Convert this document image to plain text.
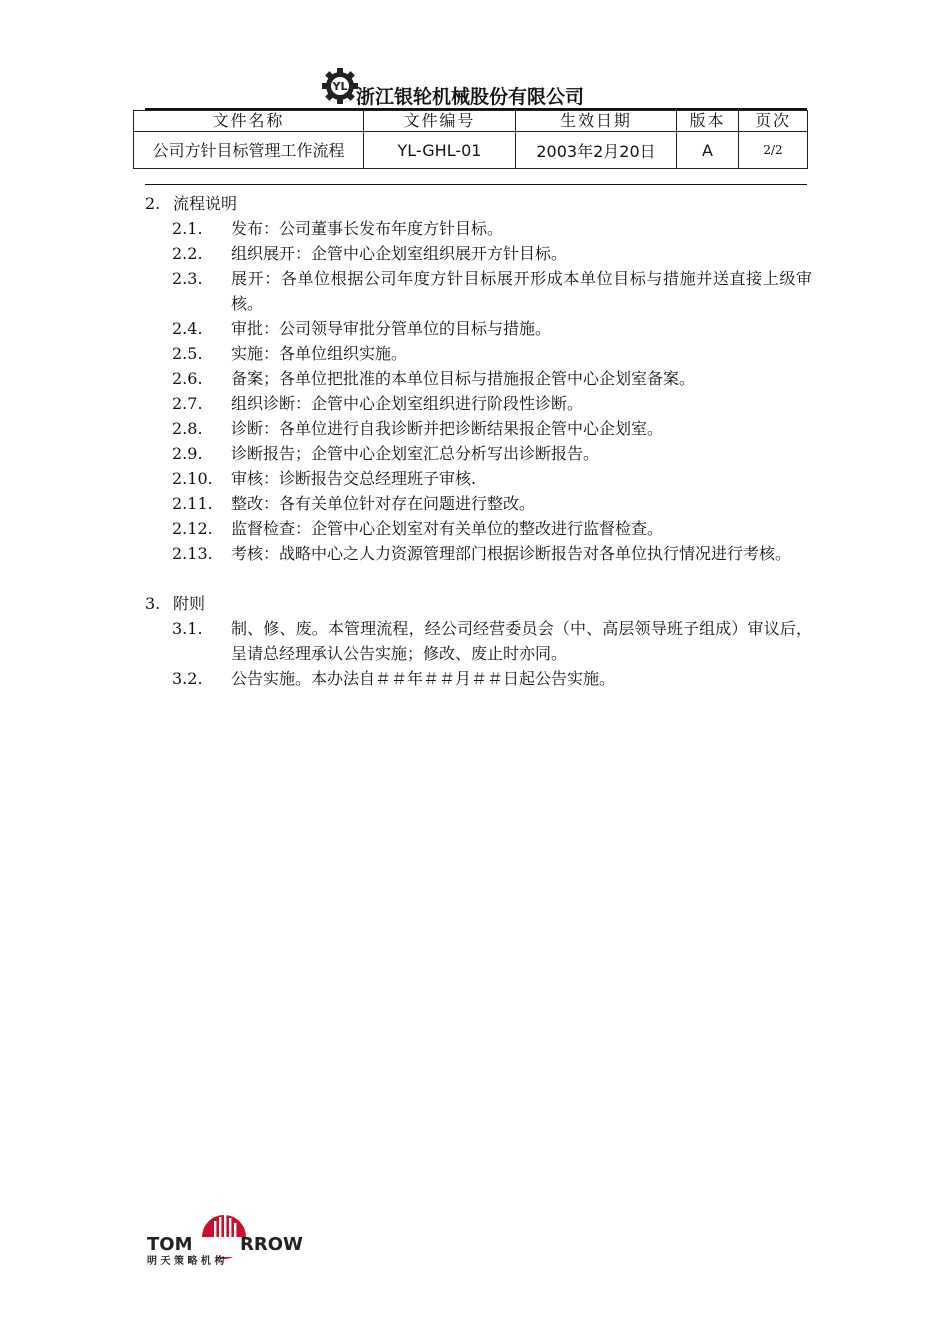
YL 浙江银轮机械股份有限公司
文件名称	文件编号	生效日期	版本	页次
公司方针目标管理工作流程	YL-GHL-01	2003年2月20日	A	2/2
2. 流程说明
2.1. 发布：公司董事长发布年度方针目标。
2.2. 组织展开：企管中心企划室组织展开方针目标。
2.3. 展开：各单位根据公司年度方针目标展开形成本单位目标与措施并送直接上级审核。
2.4. 审批：公司领导审批分管单位的目标与措施。
2.5. 实施：各单位组织实施。
2.6. 备案；各单位把批准的本单位目标与措施报企管中心企划室备案。
2.7. 组织诊断：企管中心企划室组织进行阶段性诊断。
2.8. 诊断：各单位进行自我诊断并把诊断结果报企管中心企划室。
2.9. 诊断报告；企管中心企划室汇总分析写出诊断报告。
2.10. 审核：诊断报告交总经理班子审核.
2.11. 整改：各有关单位针对存在问题进行整改。
2.12. 监督检查：企管中心企划室对有关单位的整改进行监督检查。
2.13. 考核：战略中心之人力资源管理部门根据诊断报告对各单位执行情况进行考核。
3. 附则
3.1. 制、修、废。本管理流程，经公司经营委员会（中、高层领导班子组成）审议后，呈请总经理承认公告实施；修改、废止时亦同。
3.2. 公告实施。本办法自＃＃年＃＃月＃＃日起公告实施。
TOM	RROW
明 天 策 略 机 构
